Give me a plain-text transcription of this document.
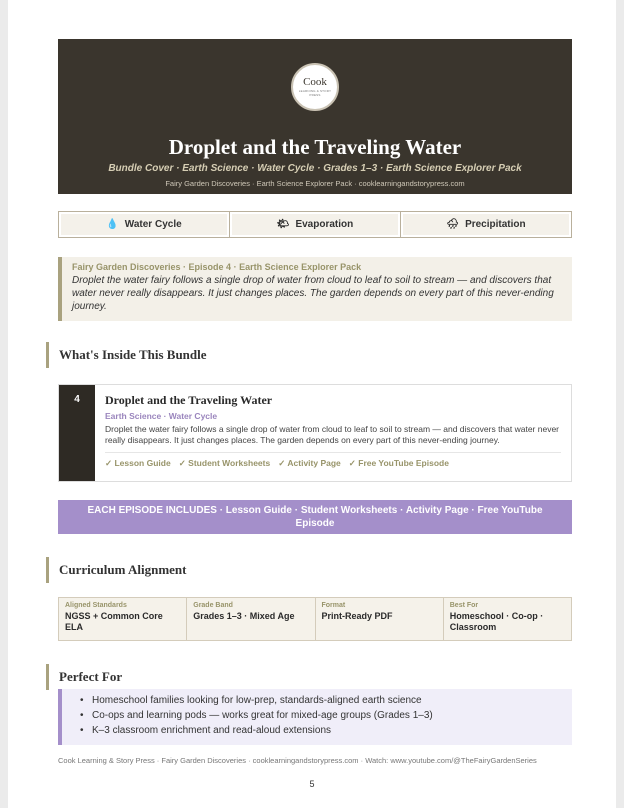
Cook
LEARNING & STORY PRESS
Droplet and the Traveling Water
Bundle Cover · Earth Science · Water Cycle · Grades 1–3 · Earth Science Explorer Pack
Fairy Garden Discoveries · Earth Science Explorer Pack · cooklearningandstorypress.com
💧 Water Cycle	🌤 Evaporation	🌧 Precipitation
Fairy Garden Discoveries · Episode 4 · Earth Science Explorer Pack
Droplet the water fairy follows a single drop of water from cloud to leaf to soil to stream — and discovers that water never really disappears. It just changes places. The garden depends on every part of this never-ending journey.
What's Inside This Bundle
4	Droplet and the Traveling Water
Earth Science · Water Cycle
Droplet the water fairy follows a single drop of water from cloud to leaf to soil to stream — and discovers that water never really disappears. It just changes places. The garden depends on every part of this never-ending journey.
✓ Lesson Guide ✓ Student Worksheets ✓ Activity Page ✓ Free YouTube Episode
EACH EPISODE INCLUDES · Lesson Guide · Student Worksheets · Activity Page · Free YouTube Episode
Curriculum Alignment
Aligned Standards
NGSS + Common Core ELA
Grade Band
Grades 1–3 · Mixed Age
Format
Print-Ready PDF
Best For
Homeschool · Co-op · Classroom
Perfect For
• Homeschool families looking for low-prep, standards-aligned earth science
• Co-ops and learning pods — works great for mixed-age groups (Grades 1–3)
• K–3 classroom enrichment and read-aloud extensions
Cook Learning & Story Press · Fairy Garden Discoveries · cooklearningandstorypress.com · Watch: www.youtube.com/@TheFairyGardenSeries
5
